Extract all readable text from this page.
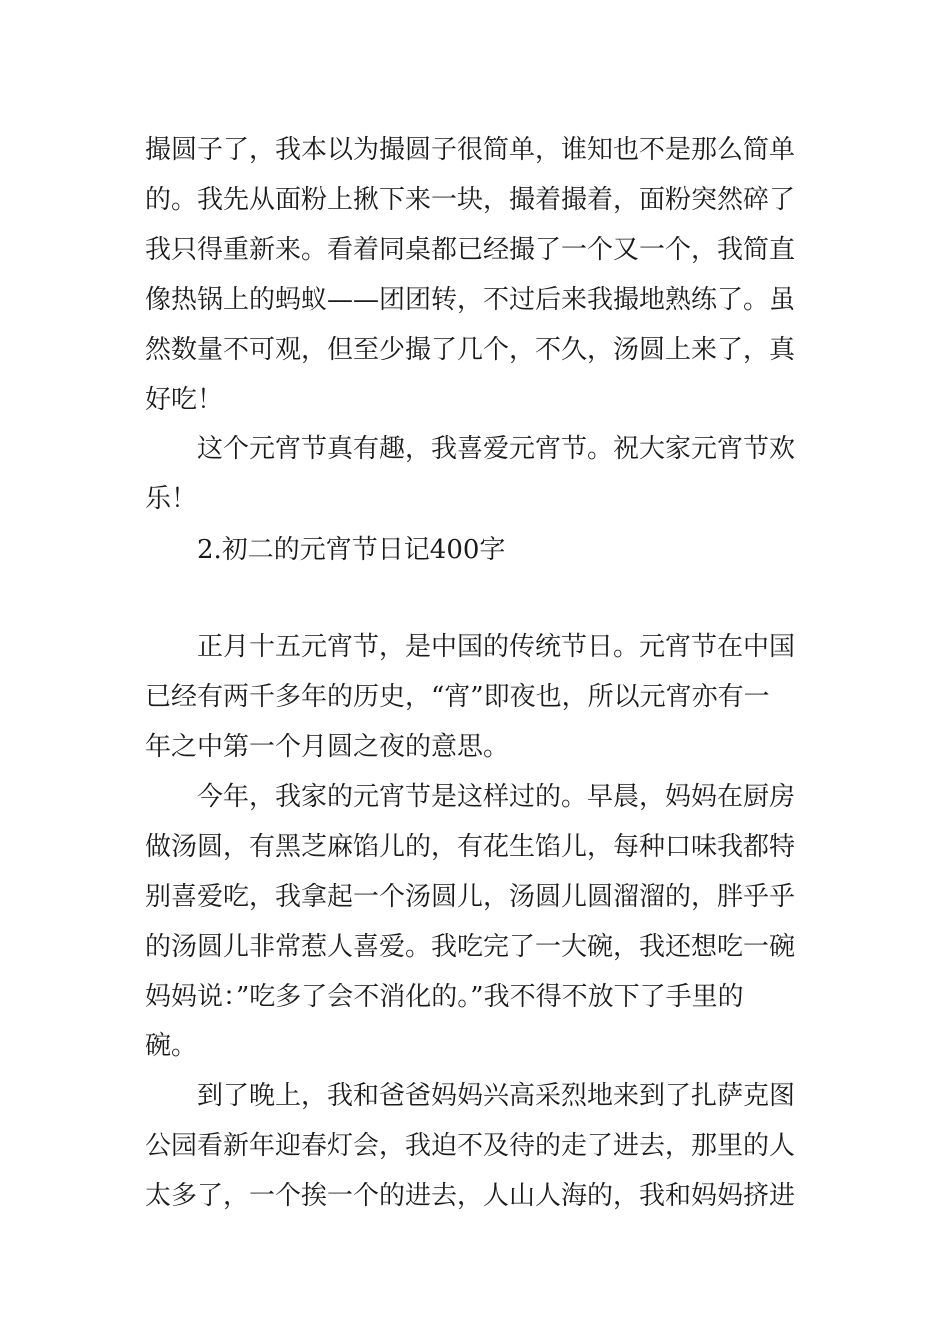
撮圆子了，我本以为撮圆子很简单，谁知也不是那么简单

的。我先从面粉上揪下来一块，撮着撮着，面粉突然碎了

我只得重新来。看着同桌都已经撮了一个又一个，我简直

像热锅上的蚂蚁——团团转，不过后来我撮地熟练了。虽

然数量不可观，但至少撮了几个，不久，汤圆上来了，真

好吃！

这个元宵节真有趣，我喜爱元宵节。祝大家元宵节欢

乐！

2.初二的元宵节日记400字

正月十五元宵节，是中国的传统节日。元宵节在中国

已经有两千多年的历史，“宵”即夜也，所以元宵亦有一

年之中第一个月圆之夜的意思。

今年，我家的元宵节是这样过的。早晨，妈妈在厨房

做汤圆，有黑芝麻馅儿的，有花生馅儿，每种口味我都特

别喜爱吃，我拿起一个汤圆儿，汤圆儿圆溜溜的，胖乎乎

的汤圆儿非常惹人喜爱。我吃完了一大碗，我还想吃一碗

妈妈说：”吃多了会不消化的。”我不得不放下了手里的

碗。

到了晚上，我和爸爸妈妈兴高采烈地来到了扎萨克图

公园看新年迎春灯会，我迫不及待的走了进去，那里的人

太多了，一个挨一个的进去，人山人海的，我和妈妈挤进
